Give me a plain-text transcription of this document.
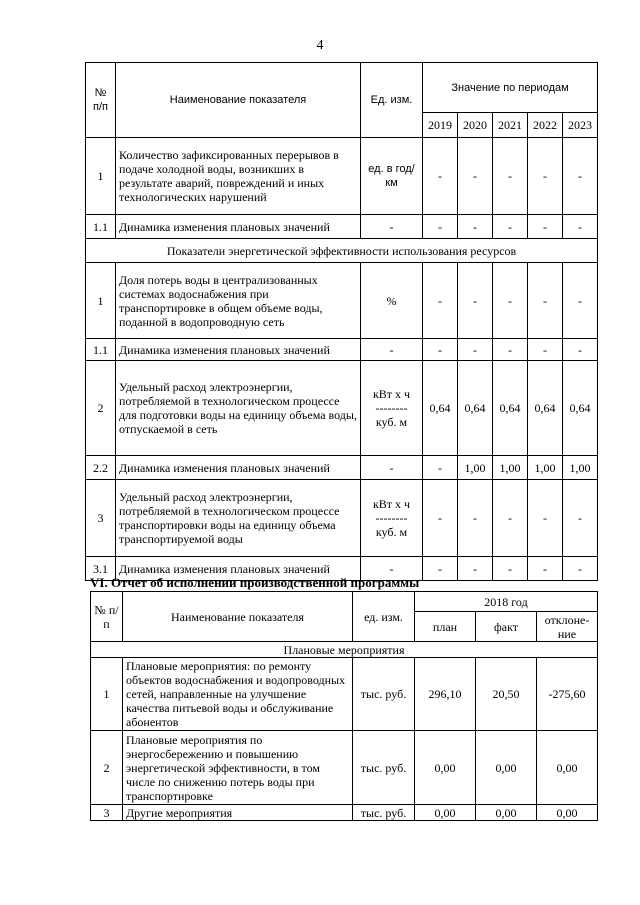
4
№ п/п	Наименование показателя	Ед. изм.	Значение по периодам				
			2019	2020	2021	2022	2023
1	Количество зафиксированных перерывов в подаче холодной воды, возникших в результате аварий, повреждений и иных технологических нарушений	ед. в год/км	-	-	-	-	-
1.1	Динамика изменения плановых значений	-	-	-	-	-	-
Показатели энергетической эффективности использования ресурсов							
1	Доля потерь воды в централизованных системах водоснабжения при транспортировке в общем объеме воды, поданной в водопроводную сеть	%	-	-	-	-	-
1.1	Динамика изменения плановых значений	-	-	-	-	-	-
2	Удельный расход электроэнергии, потребляемой в технологическом процессе для подготовки воды на единицу объема воды, отпускаемой в сеть	кВт х ч
--------
куб. м	0,64	0,64	0,64	0,64	0,64
2.2	Динамика изменения плановых значений	-	-	1,00	1,00	1,00	1,00
3	Удельный расход электроэнергии, потребляемой в технологическом процессе транспортировки воды на единицу объема транспортируемой воды	кВт х ч
--------
куб. м	-	-	-	-	-
3.1	Динамика изменения плановых значений	-	-	-	-	-	-
VI. Отчет об исполнении производственной программы
№ п/п	Наименование показателя	ед. изм.	2018 год		
			план	факт	отклоне-ние
Плановые мероприятия					
1	Плановые мероприятия: по ремонту объектов водоснабжения и водопроводных сетей, направленные на улучшение качества питьевой воды и обслуживание абонентов	тыс. руб.	296,10	20,50	-275,60
2	Плановые мероприятия по энергосбережению и повышению энергетической эффективности, в том числе по снижению потерь воды при транспортировке	тыс. руб.	0,00	0,00	0,00
3	Другие мероприятия	тыс. руб.	0,00	0,00	0,00
